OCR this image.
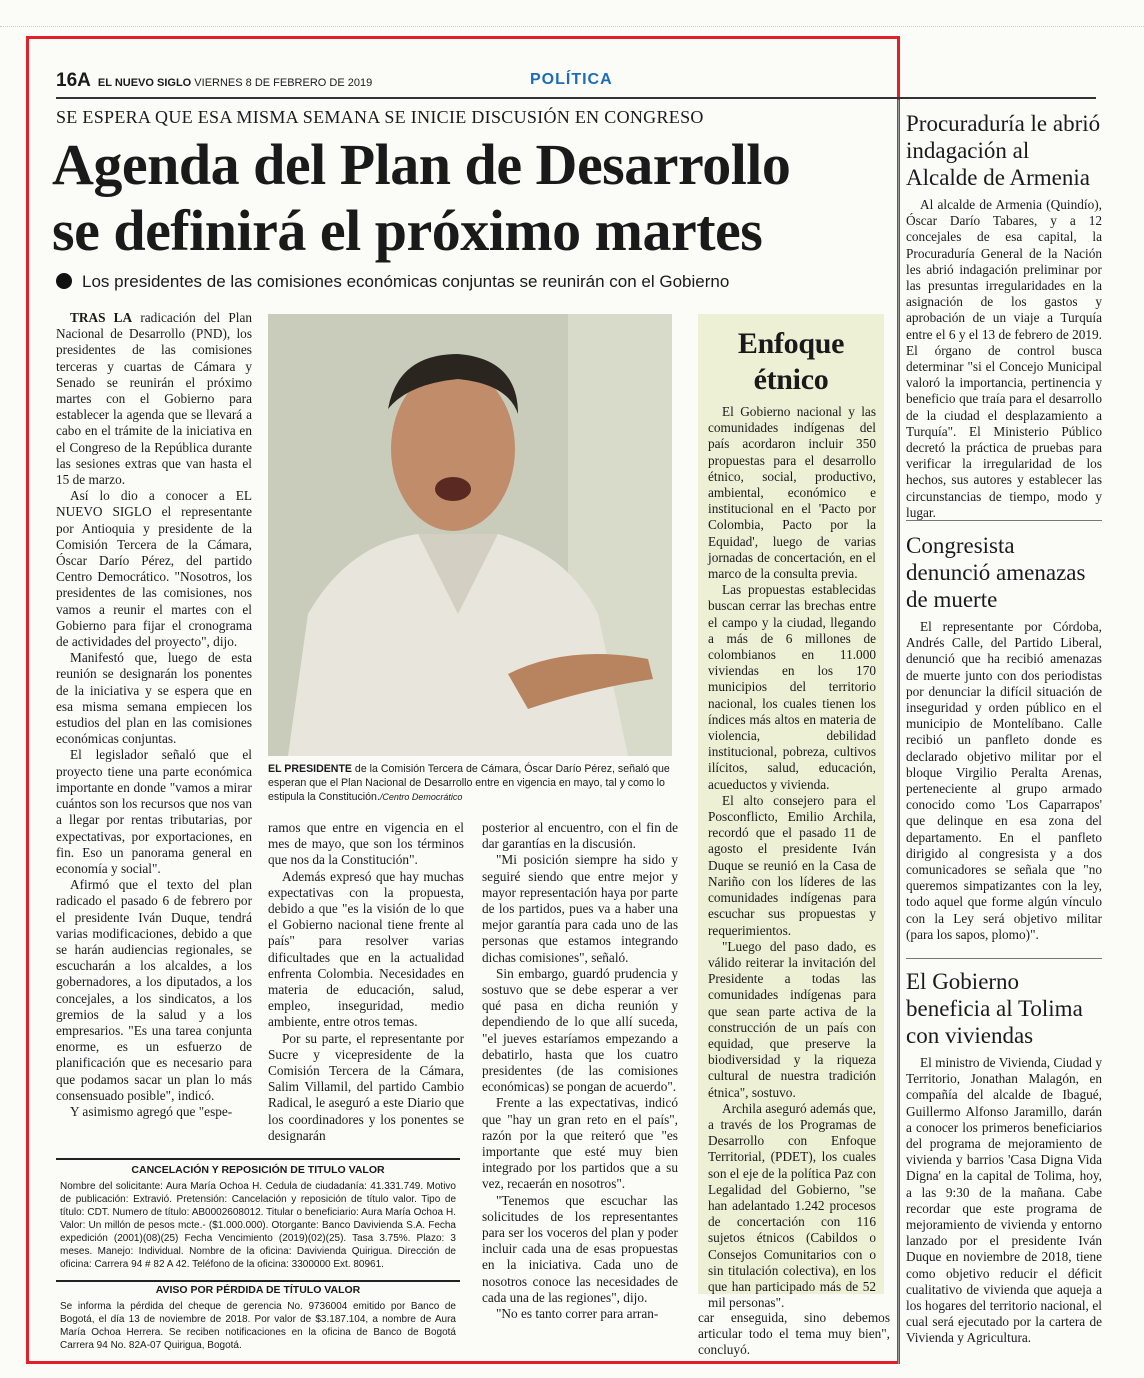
16A EL NUEVO SIGLO VIERNES 8 DE FEBRERO DE 2019	POLÍTICA
SE ESPERA QUE ESA MISMA SEMANA SE INICIE DISCUSIÓN EN CONGRESO
Agenda del Plan de Desarrollo
se definirá el próximo martes
Los presidentes de las comisiones económicas conjuntas se reunirán con el Gobierno

TRAS LA radicación del Plan Nacional de Desarrollo (PND), los presidentes de las comisiones terceras y cuartas de Cámara y Senado se reunirán el próximo martes con el Gobierno para establecer la agenda que se llevará a cabo en el trámite de la iniciativa en el Congreso de la República durante las sesiones extras que van hasta el 15 de marzo.

Así lo dio a conocer a EL NUEVO SIGLO el representante por Antioquia y presidente de la Comisión Tercera de la Cámara, Óscar Darío Pérez, del partido Centro Democrático. "Nosotros, los presidentes de las comisiones, nos vamos a reunir el martes con el Gobierno para fijar el cronograma de actividades del proyecto", dijo.

Manifestó que, luego de esta reunión se designarán los ponentes de la iniciativa y se espera que en esa misma semana empiecen los estudios del plan en las comisiones económicas conjuntas.

El legislador señaló que el proyecto tiene una parte económica importante en donde "vamos a mirar cuántos son los recursos que nos van a llegar por rentas tributarias, por expectativas, por exportaciones, en fin. Eso un panorama general en economía y social".

Afirmó que el texto del plan radicado el pasado 6 de febrero por el presidente Iván Duque, tendrá varias modificaciones, debido a que se harán audiencias regionales, se escucharán a los alcaldes, a los gobernadores, a los diputados, a los concejales, a los sindicatos, a los gremios de la salud y a los empresarios. "Es una tarea conjunta enorme, es un esfuerzo de planificación que es necesario para que podamos sacar un plan lo más consensuado posible", indicó.

Y asimismo agregó que "espe-

EL PRESIDENTE de la Comisión Tercera de Cámara, Óscar Darío Pérez, señaló que esperan que el Plan Nacional de Desarrollo entre en vigencia en mayo, tal y como lo estipula la Constitución./Centro Democrático

ramos que entre en vigencia en el mes de mayo, que son los términos que nos da la Constitución".

Además expresó que hay muchas expectativas con la propuesta, debido a que "es la visión de lo que el Gobierno nacional tiene frente al país" para resolver varias dificultades que en la actualidad enfrenta Colombia. Necesidades en materia de educación, salud, empleo, inseguridad, medio ambiente, entre otros temas.

Por su parte, el representante por Sucre y vicepresidente de la Comisión Tercera de la Cámara, Salim Villamil, del partido Cambio Radical, le aseguró a este Diario que los coordinadores y los ponentes se designarán

posterior al encuentro, con el fin de dar garantías en la discusión.

"Mi posición siempre ha sido y seguiré siendo que entre mejor y mayor representación haya por parte de los partidos, pues va a haber una mejor garantía para cada uno de las personas que estamos integrando dichas comisiones", señaló.

Sin embargo, guardó prudencia y sostuvo que se debe esperar a ver qué pasa en dicha reunión y dependiendo de lo que allí suceda, "el jueves estaríamos empezando a debatirlo, hasta que los cuatro presidentes (de las comisiones económicas) se pongan de acuerdo".

Frente a las expectativas, indicó que "hay un gran reto en el país", razón por la que reiteró que "es importante que esté muy bien integrado por los partidos que a su vez, recaerán en nosotros".

"Tenemos que escuchar las solicitudes de los representantes para ser los voceros del plan y poder incluir cada una de esas propuestas en la iniciativa. Cada uno de nosotros conoce las necesidades de cada una de las regiones", dijo.

"No es tanto correr para arran-	car enseguida, sino debemos articular todo el tema muy bien", concluyó.

Enfoque
étnico

El Gobierno nacional y las comunidades indígenas del país acordaron incluir 350 propuestas para el desarrollo étnico, social, productivo, ambiental, económico e institucional en el 'Pacto por Colombia, Pacto por la Equidad', luego de varias jornadas de concertación, en el marco de la consulta previa.

Las propuestas establecidas buscan cerrar las brechas entre el campo y la ciudad, llegando a más de 6 millones de colombianos en 11.000 viviendas en los 170 municipios del territorio nacional, los cuales tienen los índices más altos en materia de violencia, debilidad institucional, pobreza, cultivos ilícitos, salud, educación, acueductos y vivienda.

El alto consejero para el Posconflicto, Emilio Archila, recordó que el pasado 11 de agosto el presidente Iván Duque se reunió en la Casa de Nariño con los líderes de las comunidades indígenas para escuchar sus propuestas y requerimientos.

"Luego del paso dado, es válido reiterar la invitación del Presidente a todas las comunidades indígenas para que sean parte activa de la construcción de un país con equidad, que preserve la biodiversidad y la riqueza cultural de nuestra tradición étnica", sostuvo.

Archila aseguró además que, a través de los Programas de Desarrollo con Enfoque Territorial, (PDET), los cuales son el eje de la política Paz con Legalidad del Gobierno, "se han adelantado 1.242 procesos de concertación con 116 sujetos étnicos (Cabildos o Consejos Comunitarios con o sin titulación colectiva), en los que han participado más de 52 mil personas".

CANCELACIÓN Y REPOSICIÓN DE TITULO VALOR
Nombre del solicitante: Aura María Ochoa H. Cedula de ciudadanía: 41.331.749. Motivo de publicación: Extravió. Pretensión: Cancelación y reposición de título valor. Tipo de título: CDT. Numero de título: AB0002608012. Titular o beneficiario: Aura María Ochoa H. Valor: Un millón de pesos mcte.- ($1.000.000). Otorgante: Banco Davivienda S.A. Fecha expedición (2001)(08)(25) Fecha Vencimiento (2019)(02)(25). Tasa 3.75%. Plazo: 3 meses. Manejo: Individual. Nombre de la oficina: Davivienda Quirigua. Dirección de oficina: Carrera 94 # 82 A 42. Teléfono de la oficina: 3300000 Ext. 80961.
AVISO POR PÉRDIDA DE TÍTULO VALOR
Se informa la pérdida del cheque de gerencia No. 9736004 emitido por Banco de Bogotá, el día 13 de noviembre de 2018. Por valor de $3.187.104, a nombre de Aura María Ochoa Herrera. Se reciben notificaciones en la oficina de Banco de Bogotá Carrera 94 No. 82A-07 Quirigua, Bogotá.
Procuraduría le abrió indagación al Alcalde de Armenia

Al alcalde de Armenia (Quindío), Óscar Darío Tabares, y a 12 concejales de esa capital, la Procuraduría General de la Nación les abrió indagación preliminar por las presuntas irregularidades en la asignación de los gastos y aprobación de un viaje a Turquía entre el 6 y el 13 de febrero de 2019. El órgano de control busca determinar "si el Concejo Municipal valoró la importancia, pertinencia y beneficio que traía para el desarrollo de la ciudad el desplazamiento a Turquía". El Ministerio Público decretó la práctica de pruebas para verificar la irregularidad de los hechos, sus autores y establecer las circunstancias de tiempo, modo y lugar.

Congresista denunció amenazas de muerte

El representante por Córdoba, Andrés Calle, del Partido Liberal, denunció que ha recibió amenazas de muerte junto con dos periodistas por denunciar la difícil situación de inseguridad y orden público en el municipio de Montelíbano. Calle recibió un panfleto donde es declarado objetivo militar por el bloque Virgilio Peralta Arenas, perteneciente al grupo armado conocido como 'Los Caparrapos' que delinque en esa zona del departamento. En el panfleto dirigido al congresista y a dos comunicadores se señala que "no queremos simpatizantes con la ley, todo aquel que forme algún vínculo con la Ley será objetivo militar (para los sapos, plomo)".

El Gobierno beneficia al Tolima con viviendas

El ministro de Vivienda, Ciudad y Territorio, Jonathan Malagón, en compañía del alcalde de Ibagué, Guillermo Alfonso Jaramillo, darán a conocer los primeros beneficiarios del programa de mejoramiento de vivienda y barrios 'Casa Digna Vida Digna' en la capital de Tolima, hoy, a las 9:30 de la mañana. Cabe recordar que este programa de mejoramiento de vivienda y entorno lanzado por el presidente Iván Duque en noviembre de 2018, tiene como objetivo reducir el déficit cualitativo de vivienda que aqueja a los hogares del territorio nacional, el cual será ejecutado por la cartera de Vivienda y Agricultura.
